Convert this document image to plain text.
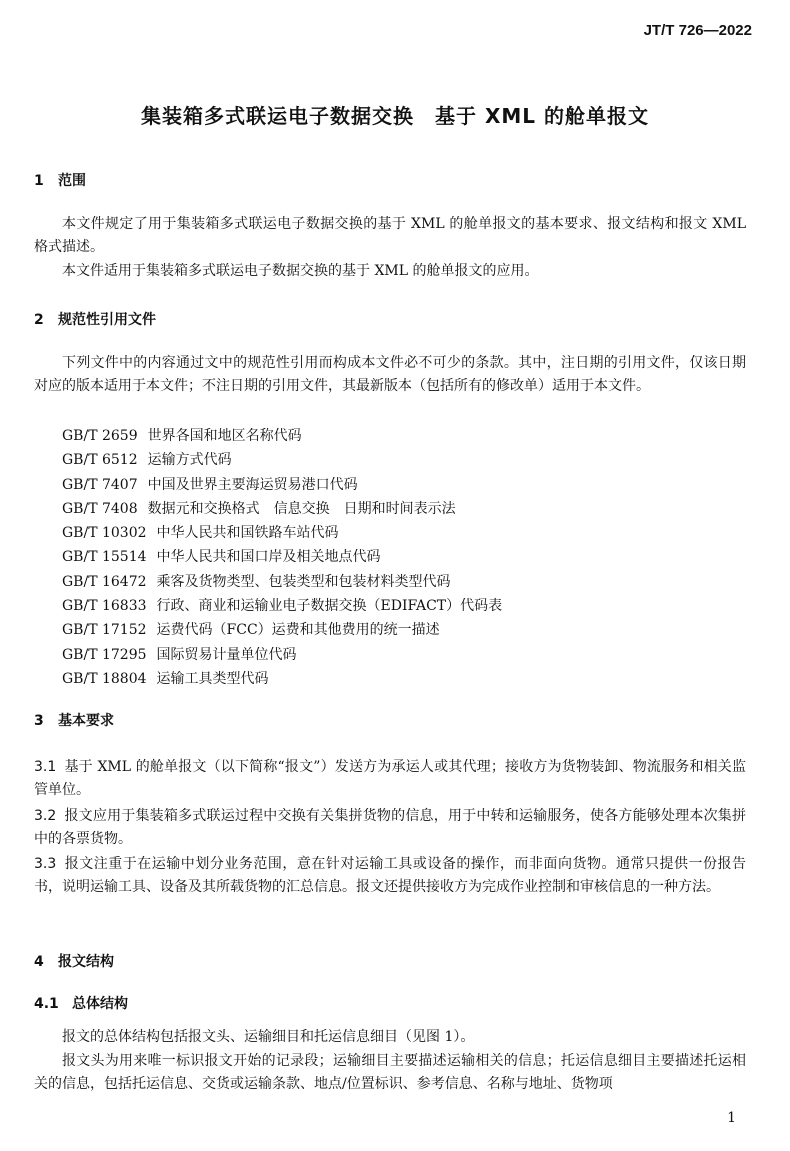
JT/T 726—2022
集装箱多式联运电子数据交换　基于 XML 的舱单报文
1 范围
本文件规定了用于集装箱多式联运电子数据交换的基于 XML 的舱单报文的基本要求、报文结构和报文 XML 格式描述。
本文件适用于集装箱多式联运电子数据交换的基于 XML 的舱单报文的应用。
2 规范性引用文件
下列文件中的内容通过文中的规范性引用而构成本文件必不可少的条款。其中，注日期的引用文件，仅该日期对应的版本适用于本文件；不注日期的引用文件，其最新版本（包括所有的修改单）适用于本文件。
GB/T 2659 世界各国和地区名称代码
GB/T 6512 运输方式代码
GB/T 7407 中国及世界主要海运贸易港口代码
GB/T 7408 数据元和交换格式　信息交换　日期和时间表示法
GB/T 10302 中华人民共和国铁路车站代码
GB/T 15514 中华人民共和国口岸及相关地点代码
GB/T 16472 乘客及货物类型、包装类型和包装材料类型代码
GB/T 16833 行政、商业和运输业电子数据交换（EDIFACT）代码表
GB/T 17152 运费代码（FCC）运费和其他费用的统一描述
GB/T 17295 国际贸易计量单位代码
GB/T 18804 运输工具类型代码
3 基本要求
3.1 基于 XML 的舱单报文（以下简称“报文”）发送方为承运人或其代理；接收方为货物装卸、物流服务和相关监管单位。
3.2 报文应用于集装箱多式联运过程中交换有关集拼货物的信息，用于中转和运输服务，使各方能够处理本次集拼中的各票货物。
3.3 报文注重于在运输中划分业务范围，意在针对运输工具或设备的操作，而非面向货物。通常只提供一份报告书，说明运输工具、设备及其所载货物的汇总信息。报文还提供接收方为完成作业控制和审核信息的一种方法。
4 报文结构
4.1 总体结构
报文的总体结构包括报文头、运输细目和托运信息细目（见图 1）。
报文头为用来唯一标识报文开始的记录段；运输细目主要描述运输相关的信息；托运信息细目主要描述托运相关的信息，包括托运信息、交货或运输条款、地点/位置标识、参考信息、名称与地址、货物项
1
